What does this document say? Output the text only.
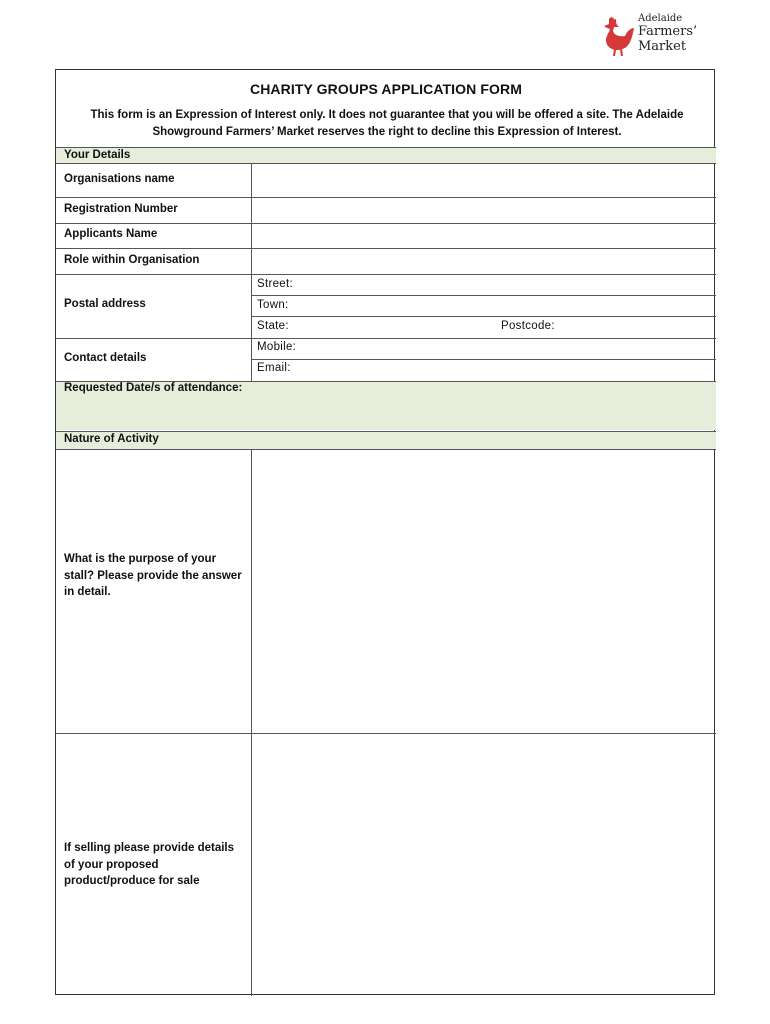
Adelaide
Farmers’
Market
CHARITY GROUPS APPLICATION FORM
This form is an Expression of Interest only. It does not guarantee that you will be offered a site. The Adelaide
Showground Farmers’ Market reserves the right to decline this Expression of Interest.
Your Details
Organisations name
Registration Number
Applicants Name
Role within Organisation
Postal address
Contact details
Requested Date/s of attendance:
Nature of Activity
Street:
Town:
State:	Postcode:
Mobile:
Email:
What is the purpose of your stall? Please provide the answer in detail.
If selling please provide details of your proposed product/produce for sale
